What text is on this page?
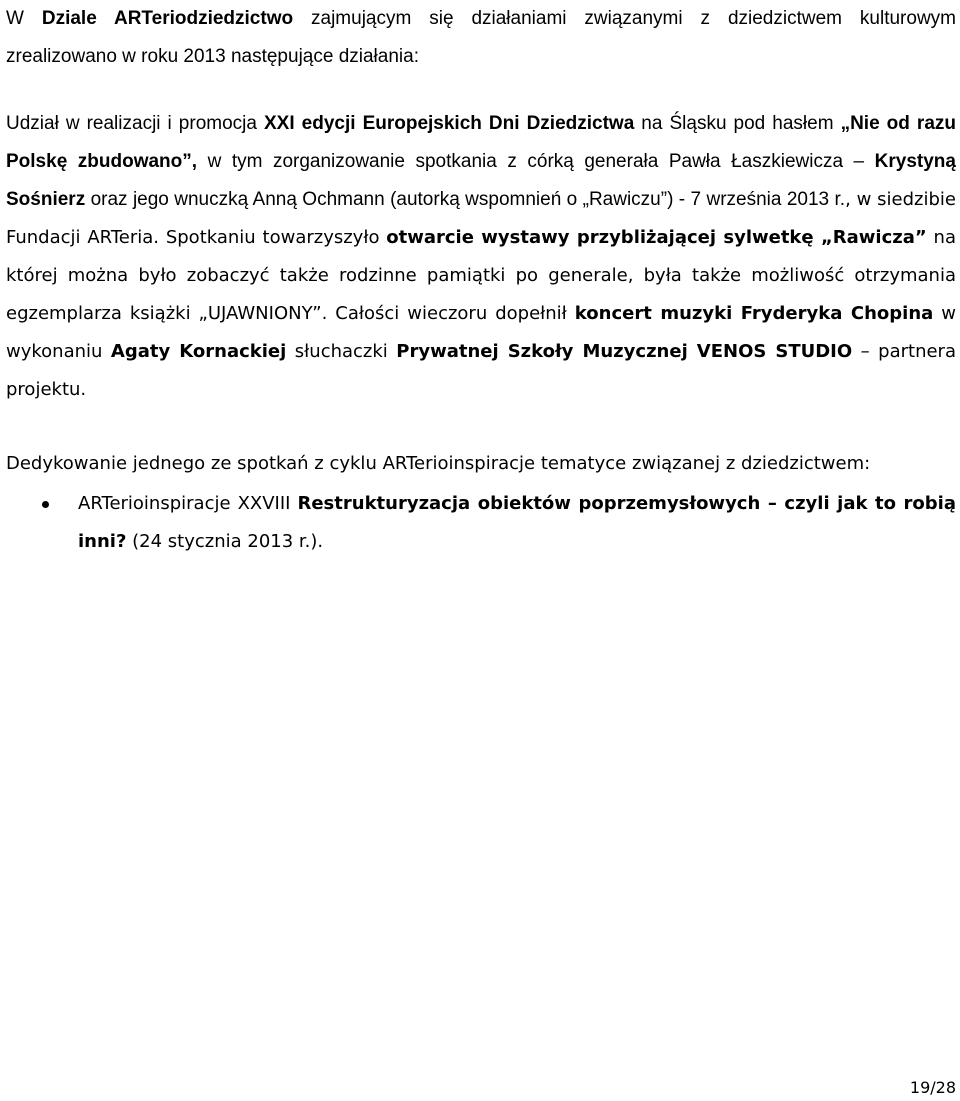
W Dziale ARTeriodziedzictwo zajmującym się działaniami związanymi z dziedzictwem kulturowym zrealizowano w roku 2013 następujące działania:

Udział w realizacji i promocja XXI edycji Europejskich Dni Dziedzictwa na Śląsku pod hasłem „Nie od razu Polskę zbudowano”, w tym zorganizowanie spotkania z córką generała Pawła Łaszkiewicza – Krystyną Sośnierz oraz jego wnuczką Anną Ochmann (autorką wspomnień o „Rawiczu”) - 7 września 2013 r., w siedzibie Fundacji ARTeria. Spotkaniu towarzyszyło otwarcie wystawy przybliżającej sylwetkę „Rawicza” na której można było zobaczyć także rodzinne pamiątki po generale, była także możliwość otrzymania egzemplarza książki „UJAWNIONY”. Całości wieczoru dopełnił koncert muzyki Fryderyka Chopina w wykonaniu Agaty Kornackiej słuchaczki Prywatnej Szkoły Muzycznej VENOS STUDIO – partnera projektu.

Dedykowanie jednego ze spotkań z cyklu ARTerioinspiracje tematyce związanej z dziedzictwem:

ARTerioinspiracje XXVIII Restrukturyzacja obiektów poprzemysłowych – czyli jak to robią inni? (24 stycznia 2013 r.).

19/28
